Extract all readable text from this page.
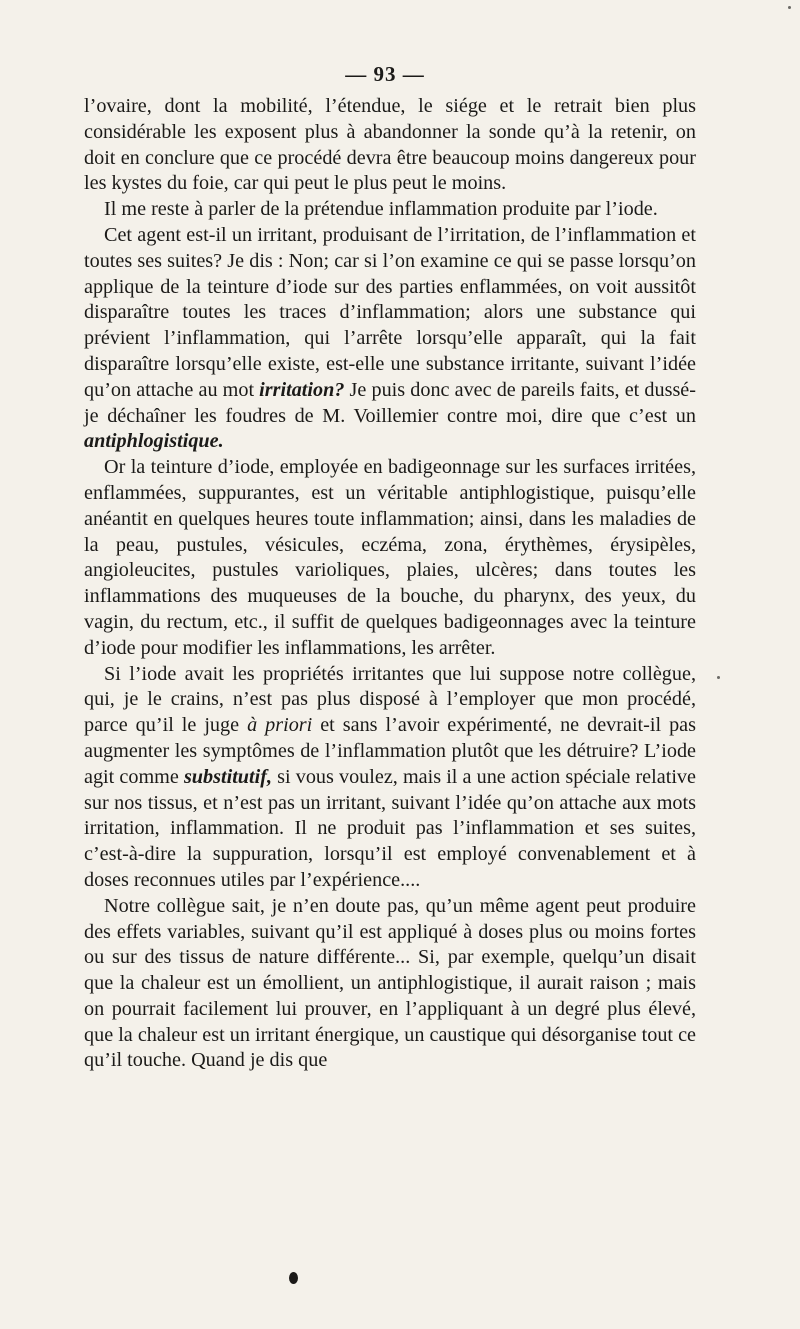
— 93 —

l’ovaire, dont la mobilité, l’étendue, le siége et le retrait bien plus considérable les exposent plus à abandonner la sonde qu’à la retenir, on doit en conclure que ce procédé devra être beaucoup moins dangereux pour les kystes du foie, car qui peut le plus peut le moins.

Il me reste à parler de la prétendue inflammation produite par l’iode.

Cet agent est-il un irritant, produisant de l’irritation, de l’inflammation et toutes ses suites? Je dis : Non; car si l’on examine ce qui se passe lorsqu’on applique de la teinture d’iode sur des parties enflammées, on voit aussitôt disparaître toutes les traces d’inflammation; alors une substance qui prévient l’inflammation, qui l’arrête lorsqu’elle apparaît, qui la fait disparaître lorsqu’elle existe, est-elle une substance irritante, suivant l’idée qu’on attache au mot irritation? Je puis donc avec de pareils faits, et dussé-je déchaîner les foudres de M. Voillemier contre moi, dire que c’est un antiphlogistique.

Or la teinture d’iode, employée en badigeonnage sur les surfaces irritées, enflammées, suppurantes, est un véritable antiphlogistique, puisqu’elle anéantit en quelques heures toute inflammation; ainsi, dans les maladies de la peau, pustules, vésicules, eczéma, zona, érythèmes, érysipèles, angioleucites, pustules varioliques, plaies, ulcères; dans toutes les inflammations des muqueuses de la bouche, du pharynx, des yeux, du vagin, du rectum, etc., il suffit de quelques badigeonnages avec la teinture d’iode pour modifier les inflammations, les arrêter.

Si l’iode avait les propriétés irritantes que lui suppose notre collègue, qui, je le crains, n’est pas plus disposé à l’employer que mon procédé, parce qu’il le juge à priori et sans l’avoir expérimenté, ne devrait-il pas augmenter les symptômes de l’inflammation plutôt que les détruire? L’iode agit comme substitutif, si vous voulez, mais il a une action spéciale relative sur nos tissus, et n’est pas un irritant, suivant l’idée qu’on attache aux mots irritation, inflammation. Il ne produit pas l’inflammation et ses suites, c’est-à-dire la suppuration, lorsqu’il est employé convenablement et à doses reconnues utiles par l’expérience....

Notre collègue sait, je n’en doute pas, qu’un même agent peut produire des effets variables, suivant qu’il est appliqué à doses plus ou moins fortes ou sur des tissus de nature différente... Si, par exemple, quelqu’un disait que la chaleur est un émollient, un antiphlogistique, il aurait raison ; mais on pourrait facilement lui prouver, en l’appliquant à un degré plus élevé, que la chaleur est un irritant énergique, un caustique qui désorganise tout ce qu’il touche. Quand je dis que
